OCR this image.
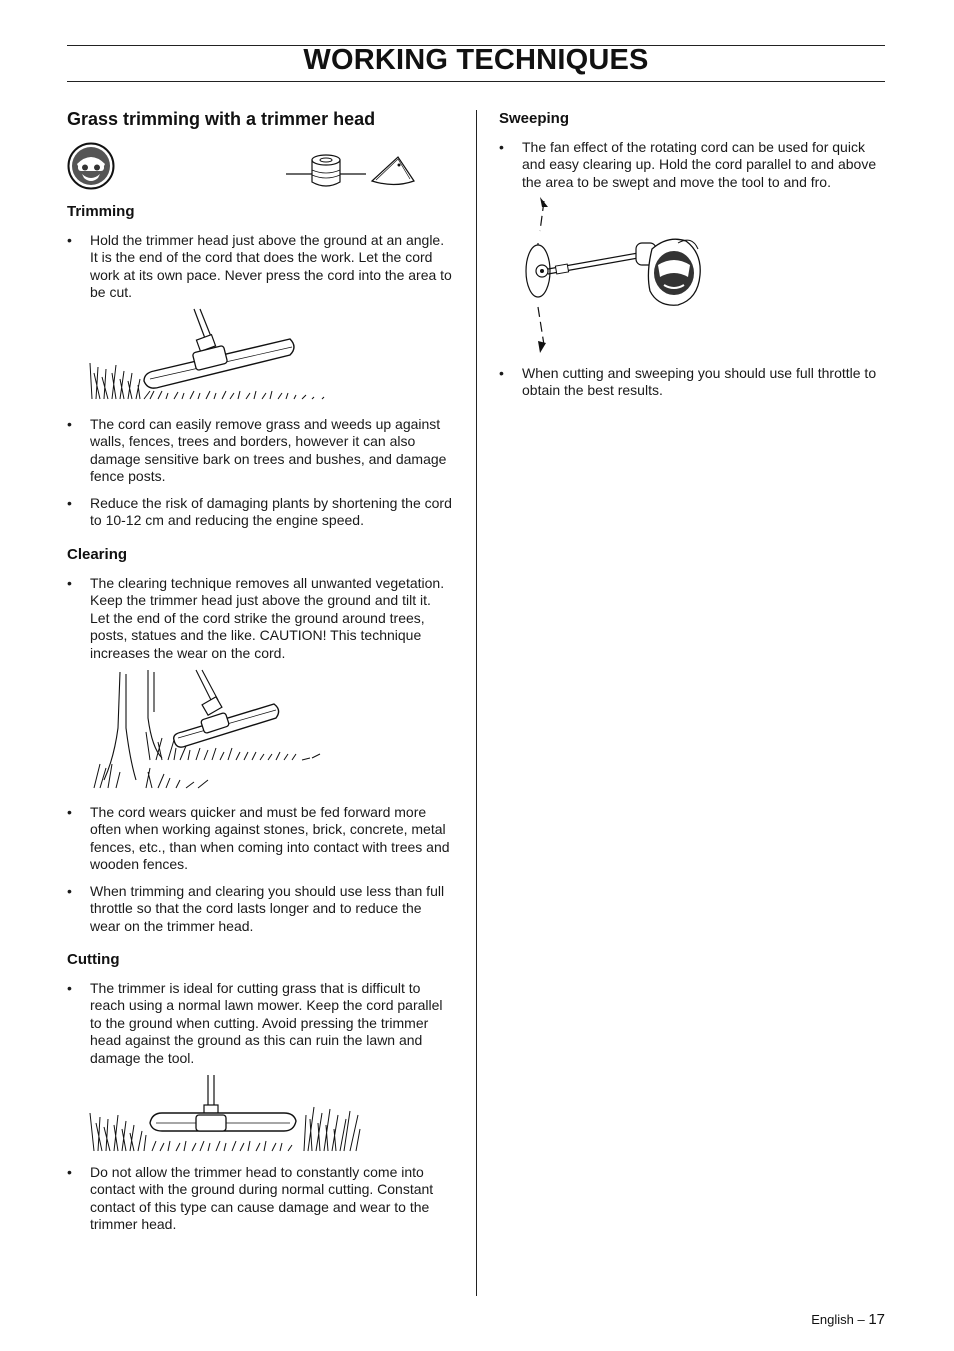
WORKING TECHNIQUES
Grass trimming with a trimmer head
Trimming
• Hold the trimmer head just above the ground at an angle. It is the end of the cord that does the work. Let the cord work at its own pace. Never press the cord into the area to be cut.
• The cord can easily remove grass and weeds up against walls, fences, trees and borders, however it can also damage sensitive bark on trees and bushes, and damage fence posts.
• Reduce the risk of damaging plants by shortening the cord to 10-12 cm and reducing the engine speed.
Clearing
• The clearing technique removes all unwanted vegetation. Keep the trimmer head just above the ground and tilt it. Let the end of the cord strike the ground around trees, posts, statues and the like. CAUTION! This technique increases the wear on the cord.
• The cord wears quicker and must be fed forward more often when working against stones, brick, concrete, metal fences, etc., than when coming into contact with trees and wooden fences.
• When trimming and clearing you should use less than full throttle so that the cord lasts longer and to reduce the wear on the trimmer head.
Cutting
• The trimmer is ideal for cutting grass that is difficult to reach using a normal lawn mower. Keep the cord parallel to the ground when cutting. Avoid pressing the trimmer head against the ground as this can ruin the lawn and damage the tool.
• Do not allow the trimmer head to constantly come into contact with the ground during normal cutting. Constant contact of this type can cause damage and wear to the trimmer head.
Sweeping
• The fan effect of the rotating cord can be used for quick and easy clearing up. Hold the cord parallel to and above the area to be swept and move the tool to and fro.
• When cutting and sweeping you should use full throttle to obtain the best results.
English – 17
